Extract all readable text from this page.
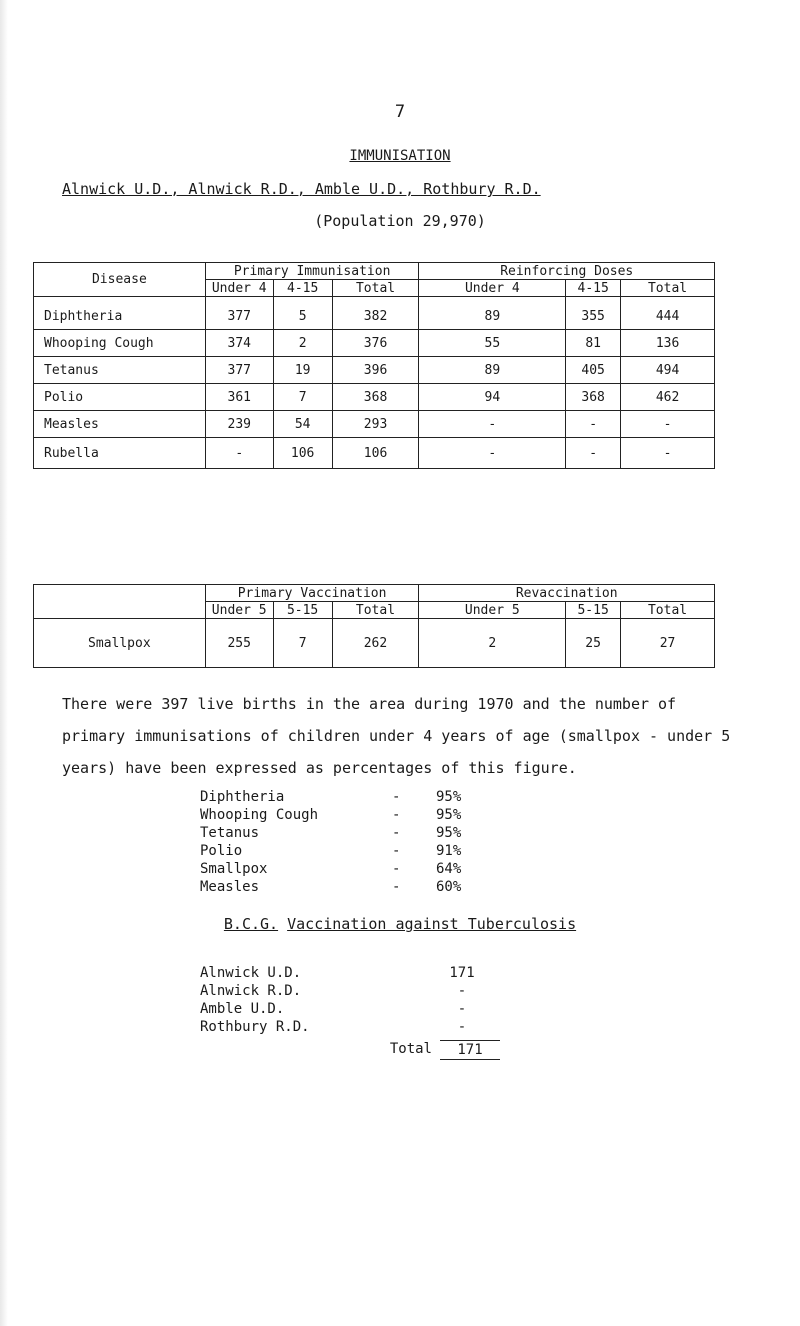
7
IMMUNISATION
Alnwick U.D., Alnwick R.D., Amble U.D., Rothbury R.D.
(Population 29,970)
Disease	Primary Immunisation			Reinforcing Doses		
	Under 4	4-15	Total	Under 4	4-15	Total
Diphtheria	377	5	382	89	355	444
Whooping Cough	374	2	376	55	81	136
Tetanus	377	19	396	89	405	494
Polio	361	7	368	94	368	462
Measles	239	54	293	-	-	-
Rubella	-	106	106	-	-	-
	Primary Vaccination			Revaccination		
	Under 5	5-15	Total	Under 5	5-15	Total
Smallpox	255	7	262	2	25	27
There were 397 live births in the area during 1970 and the number of
primary immunisations of children under 4 years of age (smallpox - under 5
years) have been expressed as percentages of this figure.
Diphtheria	-	95%
Whooping Cough	-	95%
Tetanus	-	95%
Polio	-	91%
Smallpox	-	64%
Measles	-	60%
B.C.G. Vaccination against Tuberculosis
Alnwick U.D.	171
Alnwick R.D.	-
Amble U.D.	-
Rothbury R.D.	-
Total	171
